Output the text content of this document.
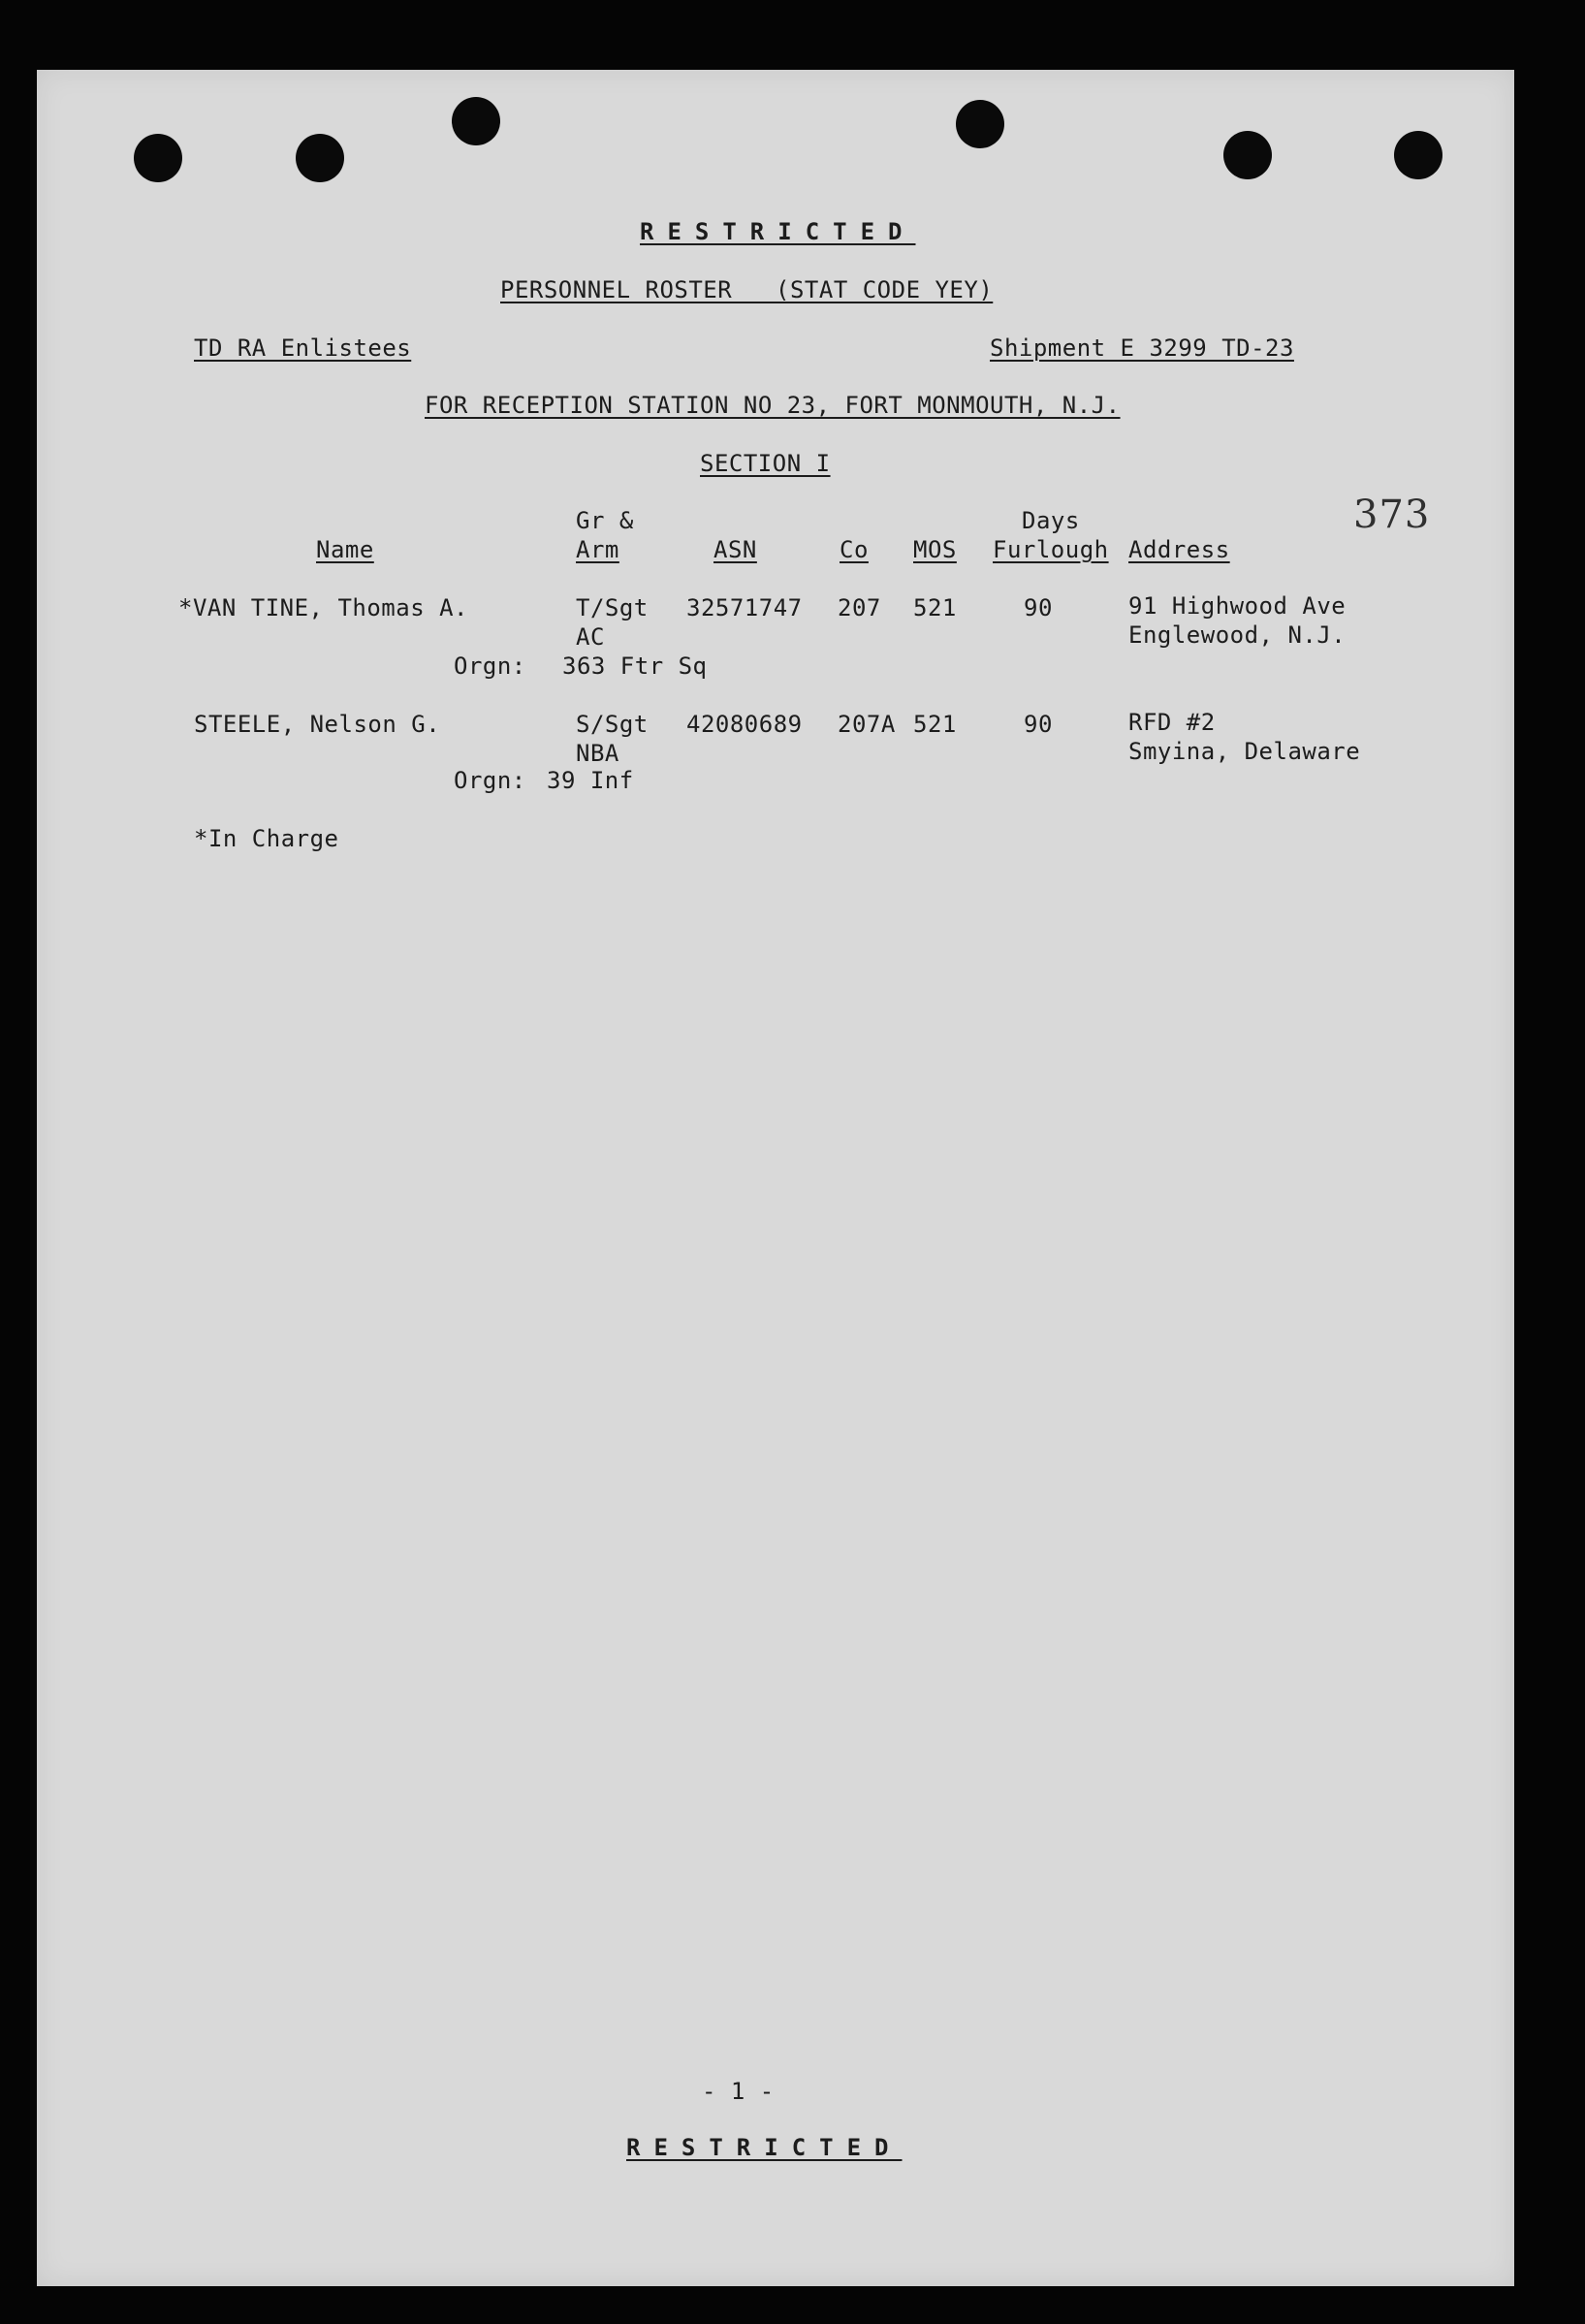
RESTRICTED
PERSONNEL ROSTER   (STAT CODE YEY)
TD RA Enlistees	Shipment E 3299 TD-23
FOR RECEPTION STATION NO 23, FORT MONMOUTH, N.J.
SECTION I
373
Gr &	Days
Name	Arm	ASN	Co MOS Furlough Address
*VAN TINE, Thomas A.	T/Sgt 32571747 207 521	90	91 Highwood Ave
AC	Englewood, N.J.
Orgn: 363 Ftr Sq
STEELE, Nelson G.	S/Sgt 42080689 207A 521	90	RFD #2
NBA	Smyina, Delaware
Orgn: 39 Inf
*In Charge
- 1 -
RESTRICTED
